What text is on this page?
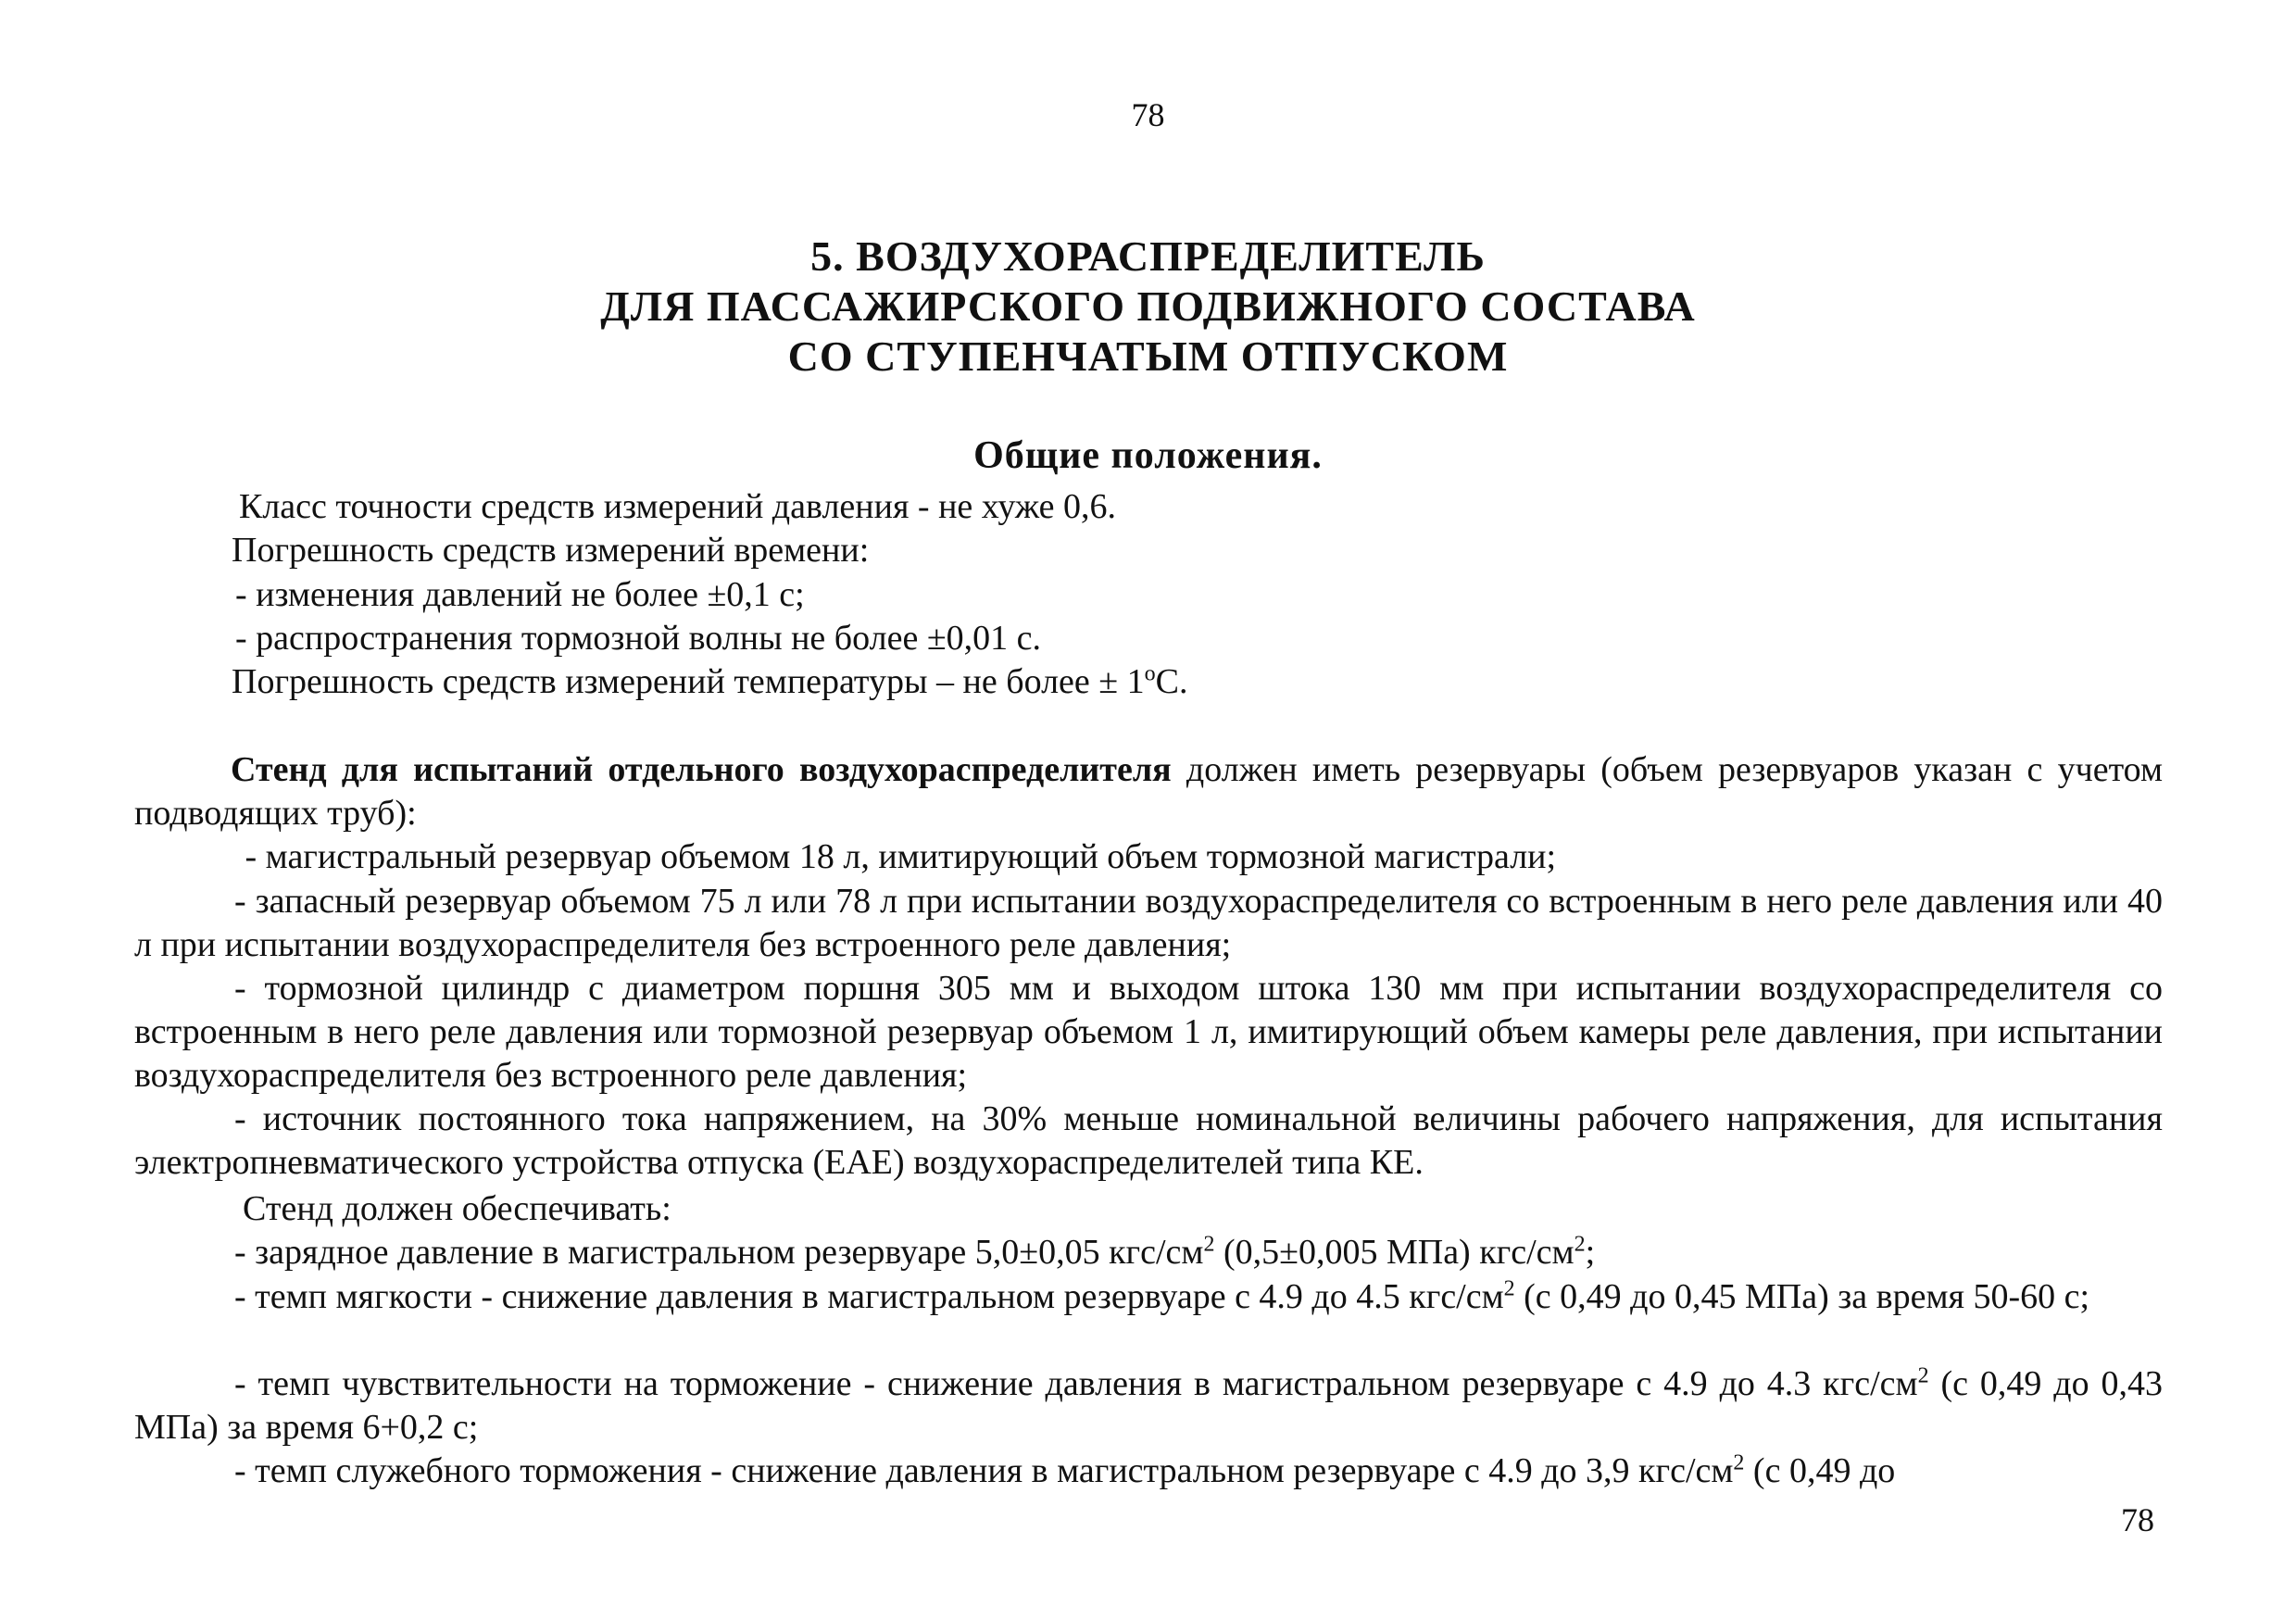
78
5. ВОЗДУХОРАСПРЕДЕЛИТЕЛЬ
ДЛЯ ПАССАЖИРСКОГО ПОДВИЖНОГО СОСТАВА
СО СТУПЕНЧАТЫМ ОТПУСКОМ
Общие положения.
Класс точности средств измерений давления - не хуже 0,6.
Погрешность средств измерений времени:
- изменения давлений не более ±0,1 с;
- распространения тормозной волны не более ±0,01 с.
Погрешность средств измерений температуры – не более ± $1^oС$.
Стенд для испытаний отдельного воздухораспределителя должен иметь резервуары (объем резервуаров указан с учетом подводящих труб):
- магистральный резервуар объемом 18 л, имитирующий объем тормозной магистрали;
- запасный резервуар объемом 75 л или 78 л при испытании воздухораспределителя со встроенным в него реле давления или 40 л при испытании воздухораспределителя без встроенного реле давления;
- тормозной цилиндр с диаметром поршня 305 мм и выходом штока 130 мм при испытании воздухораспределителя со встроенным в него реле давления или тормозной резервуар объемом 1 л, имитирующий объем камеры реле давления, при испытании воздухораспределителя без встроенного реле давления;
- источник постоянного тока напряжением, на 30% меньше номинальной величины рабочего напряжения, для испытания электропневматического устройства отпуска (ЕАЕ) воздухораспределителей типа КЕ.
Стенд должен обеспечивать:
- зарядное давление в магистральном резервуаре 5,0±0,05 кгс/$см^2$ (0,5±0,005 МПа) кгс/$см^2$;
- темп мягкости - снижение давления в магистральном резервуаре с 4.9 до 4.5 кгс/$см^2$ (с 0,49 до 0,45 МПа) за время 50-60 с;
- темп чувствительности на торможение - снижение давления в магистральном резервуаре с 4.9 до 4.3 кгс/$см^2$ (с 0,49 до 0,43 МПа) за время 6+0,2 с;
- темп служебного торможения - снижение давления в магистральном резервуаре с 4.9 до 3,9 кгс/$см^2$ (с 0,49 до
78
